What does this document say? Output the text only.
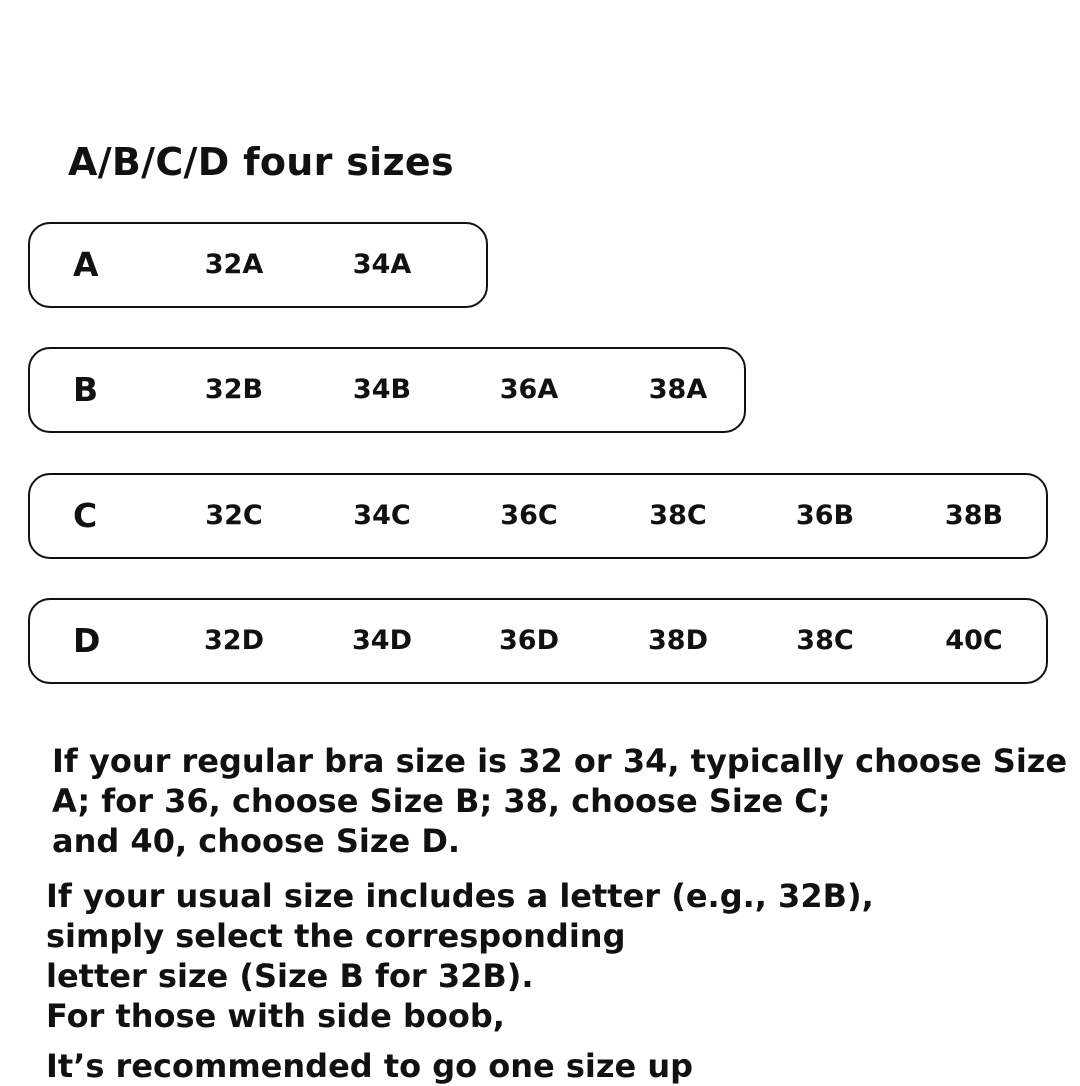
A/B/C/D four sizes
A	32A	34A
B	32B	34B	36A	38A
C	32C	34C	36C	38C	36B	38B
D	32D	34D	36D	38D	38C	40C
If your regular bra size is 32 or 34, typically choose Size
A; for 36, choose Size B; 38, choose Size C;
and 40, choose Size D.
If your usual size includes a letter (e.g., 32B),
simply select the corresponding
letter size (Size B for 32B).
For those with side boob,
It’s recommended to go one size up
